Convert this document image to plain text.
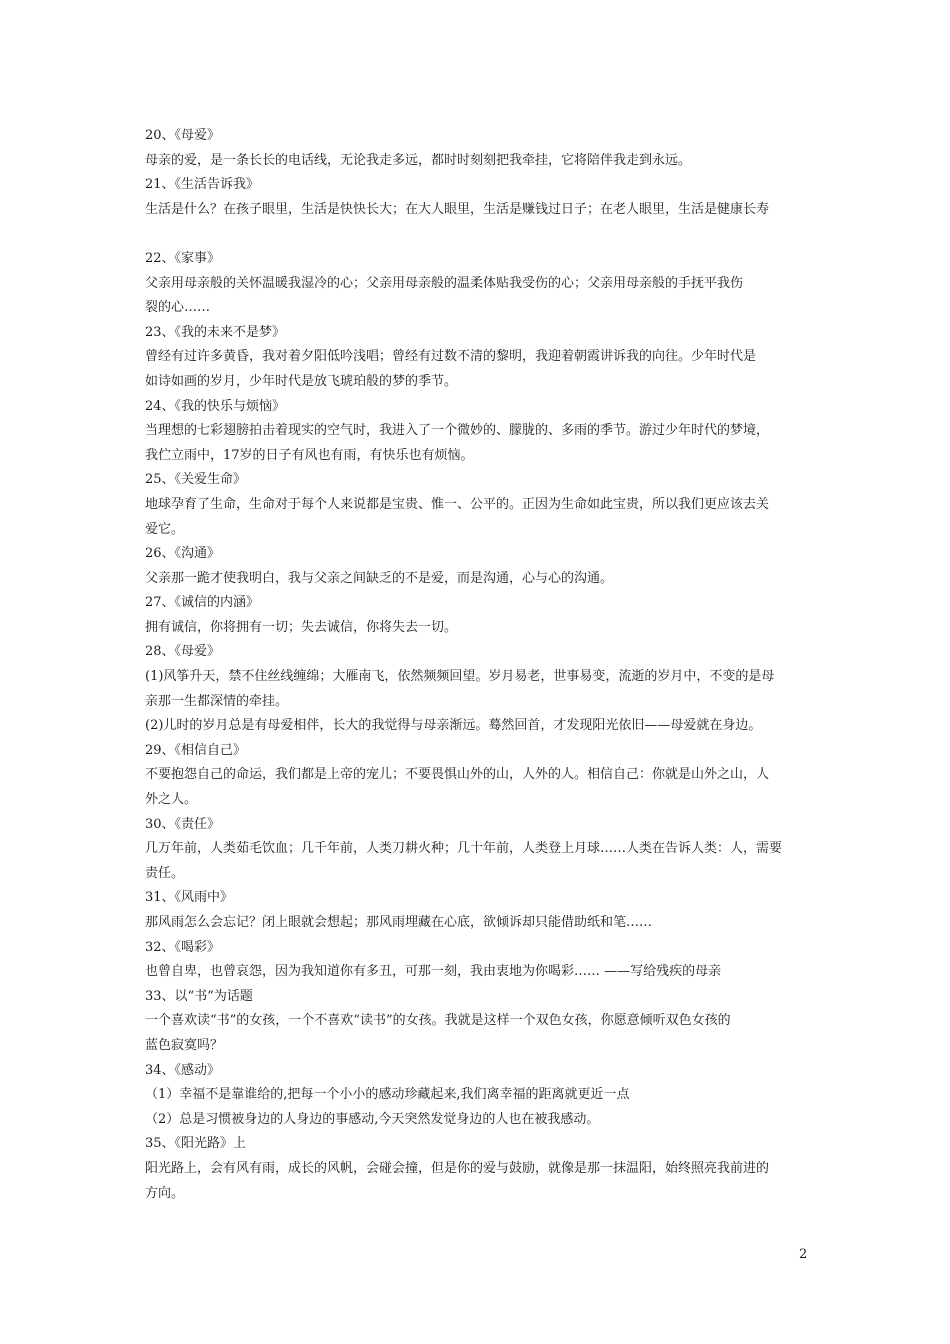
20、《母爱》
母亲的爱，是一条长长的电话线，无论我走多远，都时时刻刻把我牵挂，它将陪伴我走到永远。
21、《生活告诉我》
生活是什么？在孩子眼里，生活是快快长大；在大人眼里，生活是赚钱过日子；在老人眼里，生活是健康长寿
22、《家事》
父亲用母亲般的关怀温暖我湿冷的心；父亲用母亲般的温柔体贴我受伤的心；父亲用母亲般的手抚平我伤
裂的心……
23、《我的未来不是梦》
曾经有过许多黄昏，我对着夕阳低吟浅唱；曾经有过数不清的黎明，我迎着朝霞讲诉我的向往。少年时代是
如诗如画的岁月，少年时代是放飞琥珀般的梦的季节。
24、《我的快乐与烦恼》
当理想的七彩翅膀拍击着现实的空气时，我进入了一个微妙的、朦胧的、多雨的季节。游过少年时代的梦境，
我伫立雨中，17岁的日子有风也有雨，有快乐也有烦恼。
25、《关爱生命》
地球孕育了生命，生命对于每个人来说都是宝贵、惟一、公平的。正因为生命如此宝贵，所以我们更应该去关
爱它。
26、《沟通》
父亲那一跪才使我明白，我与父亲之间缺乏的不是爱，而是沟通，心与心的沟通。
27、《诚信的内涵》
拥有诚信，你将拥有一切；失去诚信，你将失去一切。
28、《母爱》
(1)风筝升天，禁不住丝线缠绵；大雁南飞，依然频频回望。岁月易老，世事易变，流逝的岁月中，不变的是母
亲那一生都深情的牵挂。
(2)儿时的岁月总是有母爱相伴，长大的我觉得与母亲渐远。蓦然回首，才发现阳光依旧——母爱就在身边。
29、《相信自己》
不要抱怨自己的命运，我们都是上帝的宠儿；不要畏惧山外的山，人外的人。相信自己：你就是山外之山，人
外之人。
30、《责任》
几万年前，人类茹毛饮血；几千年前，人类刀耕火种；几十年前，人类登上月球……人类在告诉人类：人，需要
责任。
31、《风雨中》
那风雨怎么会忘记？闭上眼就会想起；那风雨埋藏在心底，欲倾诉却只能借助纸和笔……
32、《喝彩》
也曾自卑，也曾哀怨，因为我知道你有多丑，可那一刻，我由衷地为你喝彩…… ——写给残疾的母亲
33、以“书”为话题
一个喜欢读“书”的女孩，一个不喜欢“读书”的女孩。我就是这样一个双色女孩，你愿意倾听双色女孩的
蓝色寂寞吗？
34、《感动》
（1）幸福不是靠谁给的,把每一个小小的感动珍藏起来,我们离幸福的距离就更近一点
（2）总是习惯被身边的人身边的事感动,今天突然发觉身边的人也在被我感动。
35、《阳光路》上
阳光路上，会有风有雨，成长的风帆，会碰会撞，但是你的爱与鼓励，就像是那一抹温阳，始终照亮我前进的
方向。
2
